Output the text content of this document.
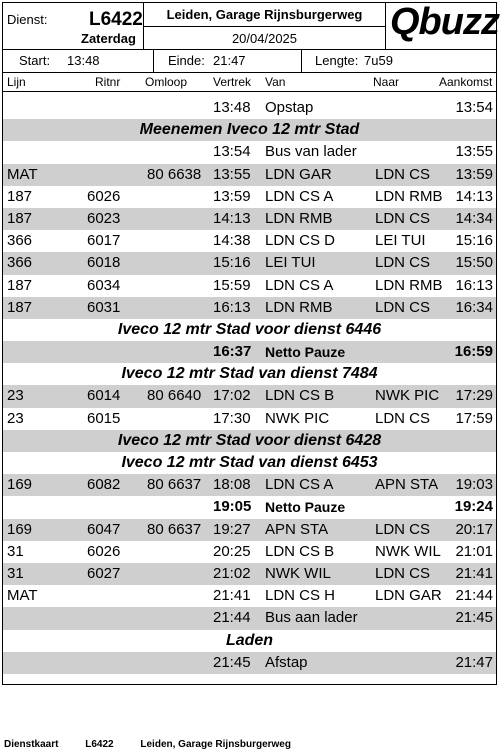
Dienst: L6422
Zaterdag
Leiden, Garage Rijnsburgerweg
20/04/2025	Qbuzz
Start: 13:48	Einde: 21:47	Lengte: 7u59
Lijn	Ritnr Omloop Vertrek Van	Naar	Aankomst
13:48 Opstap	13:54
Meenemen Iveco 12 mtr Stad
13:54 Bus van lader	13:55
MAT	80 6638 13:55 LDN GAR	LDN CS 13:59
187	6026	13:59 LDN CS A	LDN RMB 14:13
187	6023	14:13 LDN RMB	LDN CS 14:34
366	6017	14:38 LDN CS D	LEI TUI 15:16
366	6018	15:16 LEI TUI	LDN CS 15:50
187	6034	15:59 LDN CS A	LDN RMB 16:13
187	6031	16:13 LDN RMB	LDN CS 16:34
Iveco 12 mtr Stad voor dienst 6446
16:37 Netto Pauze	16:59
Iveco 12 mtr Stad van dienst 7484
23	6014 80 6640 17:02 LDN CS B	NWK PIC 17:29
23	6015	17:30 NWK PIC	LDN CS 17:59
Iveco 12 mtr Stad voor dienst 6428
Iveco 12 mtr Stad van dienst 6453
169	6082 80 6637 18:08 LDN CS A	APN STA 19:03
19:05 Netto Pauze	19:24
169	6047 80 6637 19:27 APN STA	LDN CS 20:17
31	6026	20:25 LDN CS B	NWK WIL 21:01
31	6027	21:02 NWK WIL	LDN CS 21:41
MAT	21:41 LDN CS H	LDN GAR 21:44
21:44 Bus aan lader	21:45
Laden
21:45 Afstap	21:47
Dienstkaart	L6422	Leiden, Garage Rijnsburgerweg
